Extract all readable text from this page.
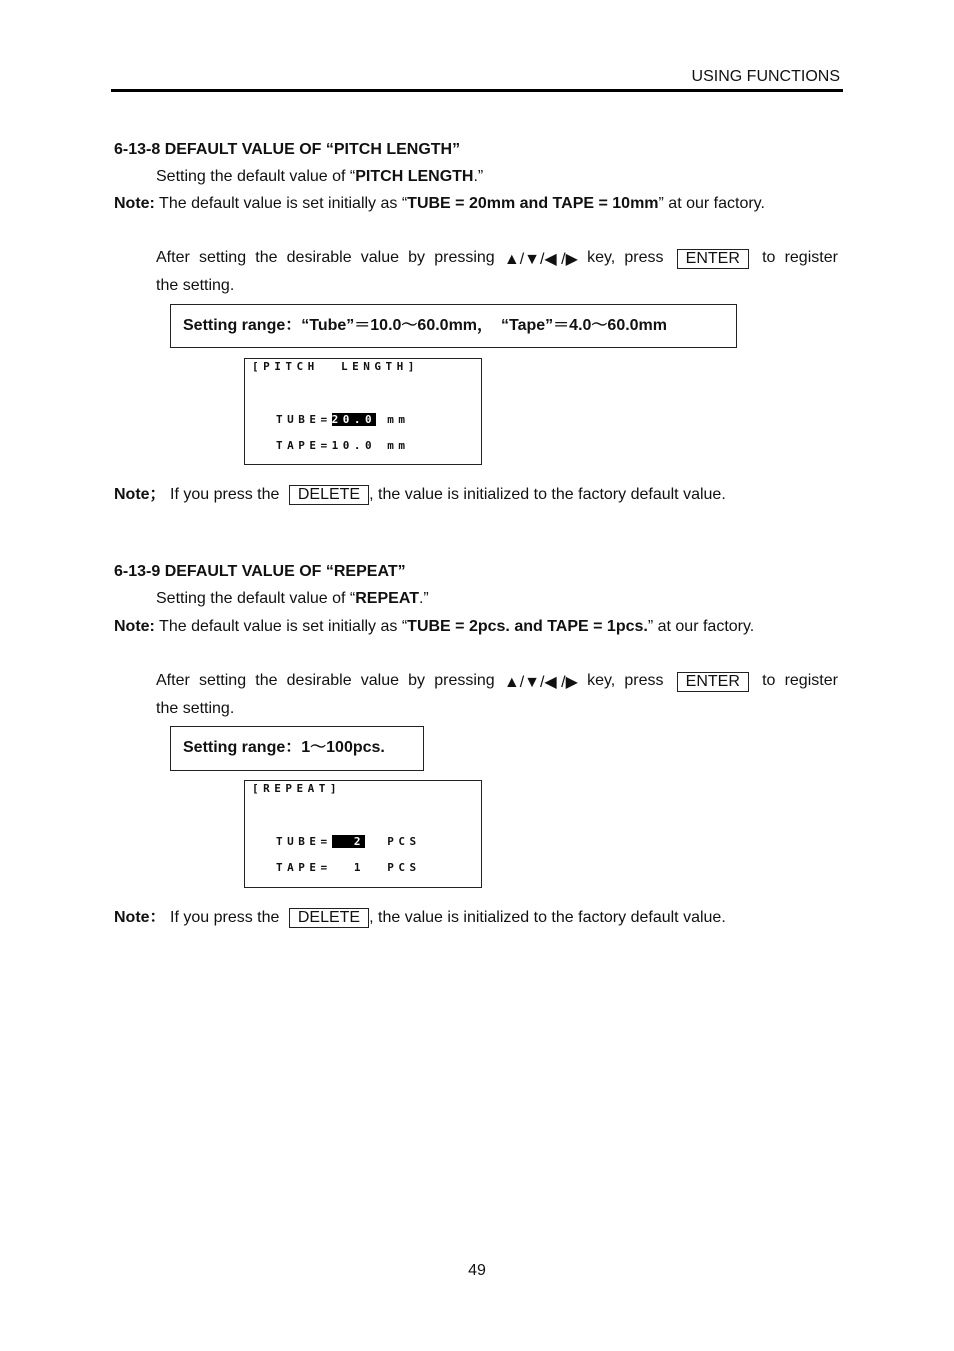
USING FUNCTIONS
6-13-8 DEFAULT VALUE OF “PITCH LENGTH”
Setting the default value of “PITCH LENGTH.”
Note: The default value is set initially as “TUBE = 20mm and TAPE = 10mm” at our factory.
After setting the desirable value by pressing ▲/▼/◀ /▶ key, press	ENTER	to register
the setting.
Setting range：“Tube”＝10.0～60.0mm，　“Tape”＝4.0～60.0mm
[PITCH  LENGTH]
TUBE=20.0 mm
TAPE=10.0 mm
Note； If you press the DELETE , the value is initialized to the factory default value.
6-13-9 DEFAULT VALUE OF “REPEAT”
Setting the default value of “REPEAT.”
Note: The default value is set initially as “TUBE = 2pcs. and TAPE = 1pcs.” at our factory.
After setting the desirable value by pressing ▲/▼/◀ /▶ key, press	ENTER	to register
the setting.
Setting range：1～100pcs.
[REPEAT]
TUBE=  2 PCS
TAPE=  1 PCS
Note： If you press the DELETE , the value is initialized to the factory default value.
49
